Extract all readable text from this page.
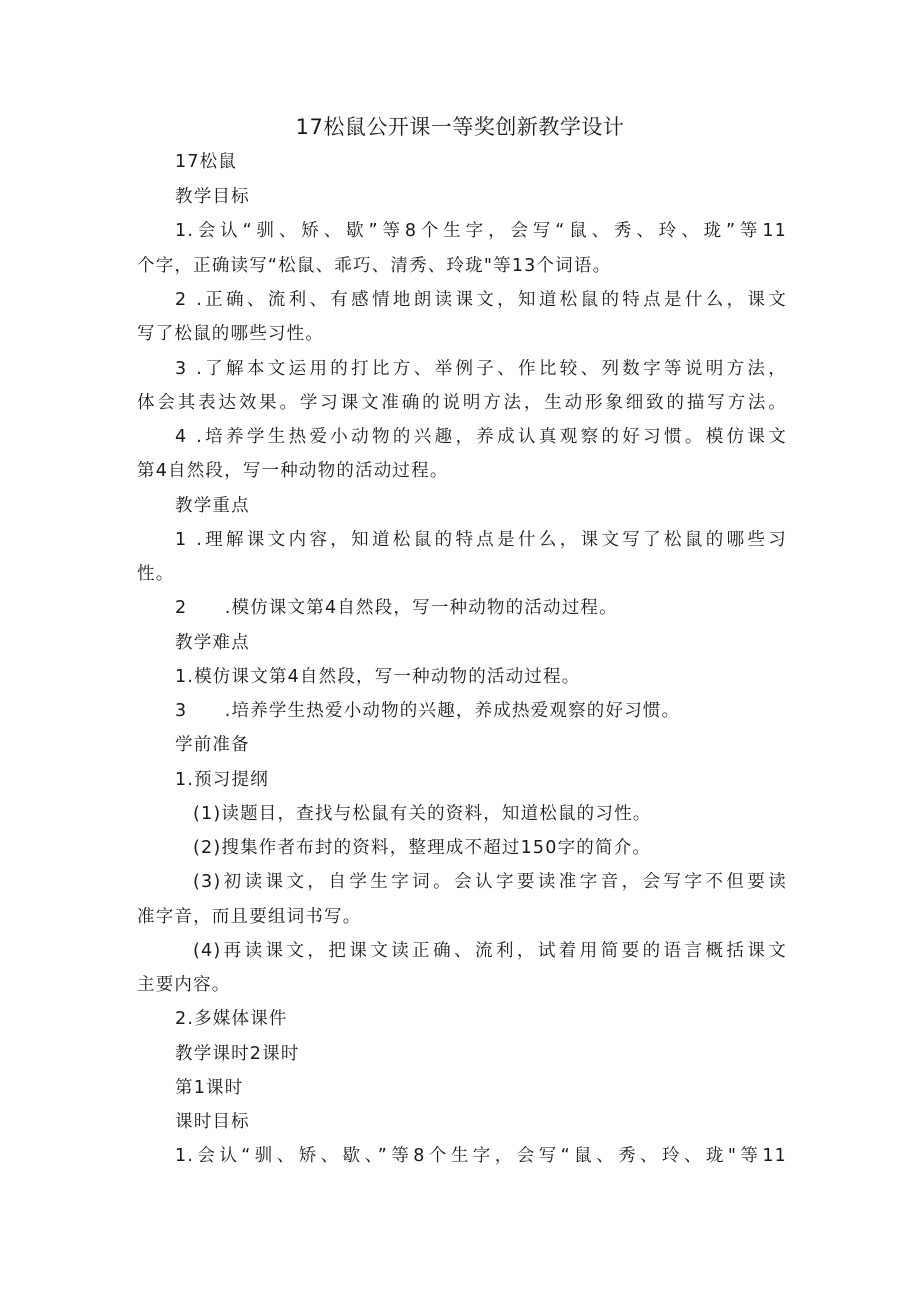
17松鼠公开课一等奖创新教学设计
17松鼠
教学目标
1.会认“驯、矫、歇”等8个生字，会写“鼠、秀、玲、珑”等11
个字，正确读写“松鼠、乖巧、清秀、玲珑"等13个词语。
2 .正确、流利、有感情地朗读课文，知道松鼠的特点是什么，课文
写了松鼠的哪些习性。
3 .了解本文运用的打比方、举例子、作比较、列数字等说明方法，
体会其表达效果。学习课文准确的说明方法，生动形象细致的描写方法。
4 .培养学生热爱小动物的兴趣，养成认真观察的好习惯。模仿课文
第4自然段，写一种动物的活动过程。
教学重点
1 .理解课文内容，知道松鼠的特点是什么，课文写了松鼠的哪些习
性。
2　　.模仿课文第4自然段，写一种动物的活动过程。
教学难点
1.模仿课文第4自然段，写一种动物的活动过程。
3　　.培养学生热爱小动物的兴趣，养成热爱观察的好习惯。
学前准备
1.预习提纲
(1)读题目，查找与松鼠有关的资料，知道松鼠的习性。
(2)搜集作者布封的资料，整理成不超过150字的简介。
(3)初读课文，自学生字词。会认字要读准字音，会写字不但要读
准字音，而且要组词书写。
(4)再读课文，把课文读正确、流利，试着用简要的语言概括课文
主要内容。
2.多媒体课件
教学课时2课时
第1课时
课时目标
1.会认“驯、矫、歇、”等8个生字，会写“鼠、秀、玲、珑"等11
